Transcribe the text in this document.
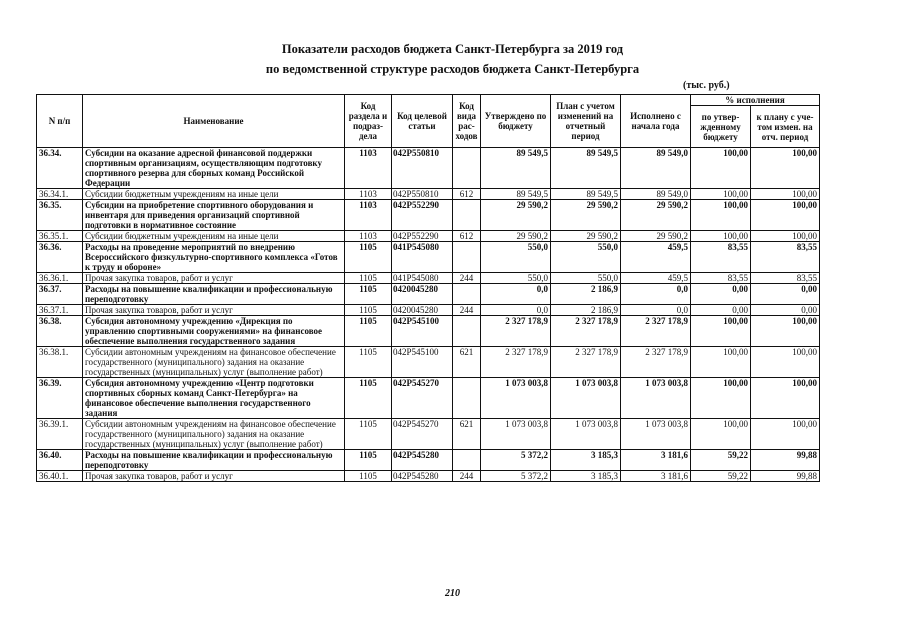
Показатели расходов бюджета Санкт-Петербурга за 2019 год
по ведомственной структуре расходов бюджета Санкт-Петербурга
(тыс. руб.)
N п/п	Наименование	Код раздела и подраз-дела	Код целевой статьи	Код вида рас-ходов	Утверждено по бюджету	План с учетом изменений на отчетный период	Исполнено с начала года	% исполнения	
								по утвер-жденному бюджету	к плану с уче-том измен. на отч. период
36.34.	Субсидии на оказание адресной финансовой поддержки спортивным организациям, осуществляющим подготовку спортивного резерва для сборных команд Российской Федерации	1103	042P550810		89 549,5	89 549,5	89 549,0	100,00	100,00
36.34.1.	Субсидии бюджетным учреждениям на иные цели	1103	042P550810	612	89 549,5	89 549,5	89 549,0	100,00	100,00
36.35.	Субсидии на приобретение спортивного оборудования и инвентаря для приведения организаций спортивной подготовки в нормативное состояние	1103	042P552290		29 590,2	29 590,2	29 590,2	100,00	100,00
36.35.1.	Субсидии бюджетным учреждениям на иные цели	1103	042P552290	612	29 590,2	29 590,2	29 590,2	100,00	100,00
36.36.	Расходы на проведение мероприятий по внедрению Всероссийского физкультурно-спортивного комплекса «Готов к труду и обороне»	1105	041P545080		550,0	550,0	459,5	83,55	83,55
36.36.1.	Прочая закупка товаров, работ и услуг	1105	041P545080	244	550,0	550,0	459,5	83,55	83,55
36.37.	Расходы на повышение квалификации и профессиональную переподготовку	1105	0420045280		0,0	2 186,9	0,0	0,00	0,00
36.37.1.	Прочая закупка товаров, работ и услуг	1105	0420045280	244	0,0	2 186,9	0,0	0,00	0,00
36.38.	Субсидия автономному учреждению «Дирекция по управлению спортивными сооружениями» на финансовое обеспечение выполнения государственного задания	1105	042P545100		2 327 178,9	2 327 178,9	2 327 178,9	100,00	100,00
36.38.1.	Субсидии автономным учреждениям на финансовое обеспечение государственного (муниципального) задания на оказание государственных (муниципальных) услуг (выполнение работ)	1105	042P545100	621	2 327 178,9	2 327 178,9	2 327 178,9	100,00	100,00
36.39.	Субсидия автономному учреждению «Центр подготовки спортивных сборных команд Санкт-Петербурга» на финансовое обеспечение выполнения государственного задания	1105	042P545270		1 073 003,8	1 073 003,8	1 073 003,8	100,00	100,00
36.39.1.	Субсидии автономным учреждениям на финансовое обеспечение государственного (муниципального) задания на оказание государственных (муниципальных) услуг (выполнение работ)	1105	042P545270	621	1 073 003,8	1 073 003,8	1 073 003,8	100,00	100,00
36.40.	Расходы на повышение квалификации и профессиональную переподготовку	1105	042P545280		5 372,2	3 185,3	3 181,6	59,22	99,88
36.40.1.	Прочая закупка товаров, работ и услуг	1105	042P545280	244	5 372,2	3 185,3	3 181,6	59,22	99,88
210
